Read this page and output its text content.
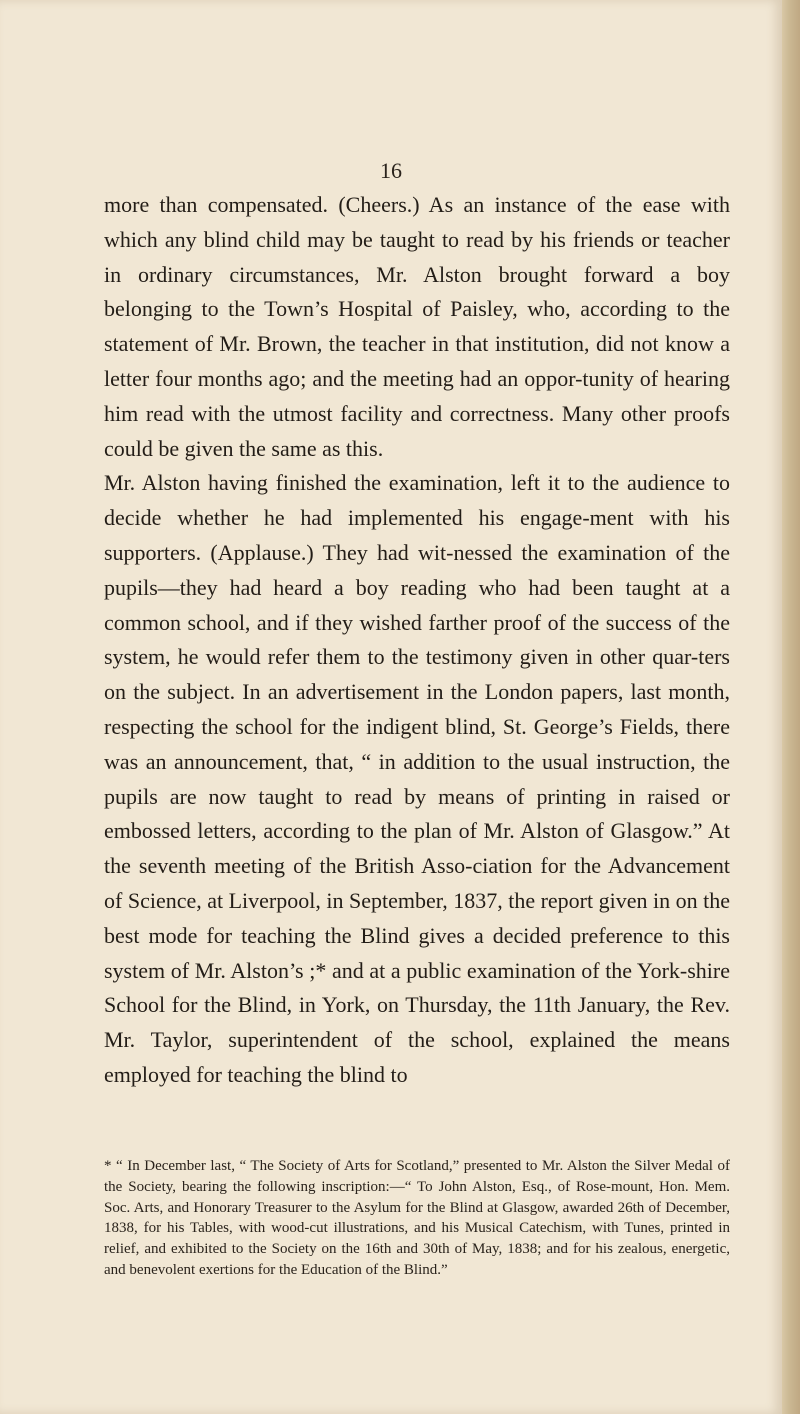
16

more than compensated. (Cheers.) As an instance of the ease with which any blind child may be taught to read by his friends or teacher in ordinary circumstances, Mr. Alston brought forward a boy belonging to the Town’s Hospital of Paisley, who, according to the statement of Mr. Brown, the teacher in that institution, did not know a letter four months ago; and the meeting had an oppor-tunity of hearing him read with the utmost facility and correctness. Many other proofs could be given the same as this.

Mr. Alston having finished the examination, left it to the audience to decide whether he had implemented his engage-ment with his supporters. (Applause.) They had wit-nessed the examination of the pupils—they had heard a boy reading who had been taught at a common school, and if they wished farther proof of the success of the system, he would refer them to the testimony given in other quar-ters on the subject. In an advertisement in the London papers, last month, respecting the school for the indigent blind, St. George’s Fields, there was an announcement, that, “ in addition to the usual instruction, the pupils are now taught to read by means of printing in raised or embossed letters, according to the plan of Mr. Alston of Glasgow.” At the seventh meeting of the British Asso-ciation for the Advancement of Science, at Liverpool, in September, 1837, the report given in on the best mode for teaching the Blind gives a decided preference to this system of Mr. Alston’s ;* and at a public examination of the York-shire School for the Blind, in York, on Thursday, the 11th January, the Rev. Mr. Taylor, superintendent of the school, explained the means employed for teaching the blind to

* “ In December last, “ The Society of Arts for Scotland,” presented to Mr. Alston the Silver Medal of the Society, bearing the following inscription:—“ To John Alston, Esq., of Rose-mount, Hon. Mem. Soc. Arts, and Honorary Treasurer to the Asylum for the Blind at Glasgow, awarded 26th of December, 1838, for his Tables, with wood-cut illustrations, and his Musical Catechism, with Tunes, printed in relief, and exhibited to the Society on the 16th and 30th of May, 1838; and for his zealous, energetic, and benevolent exertions for the Education of the Blind.”
